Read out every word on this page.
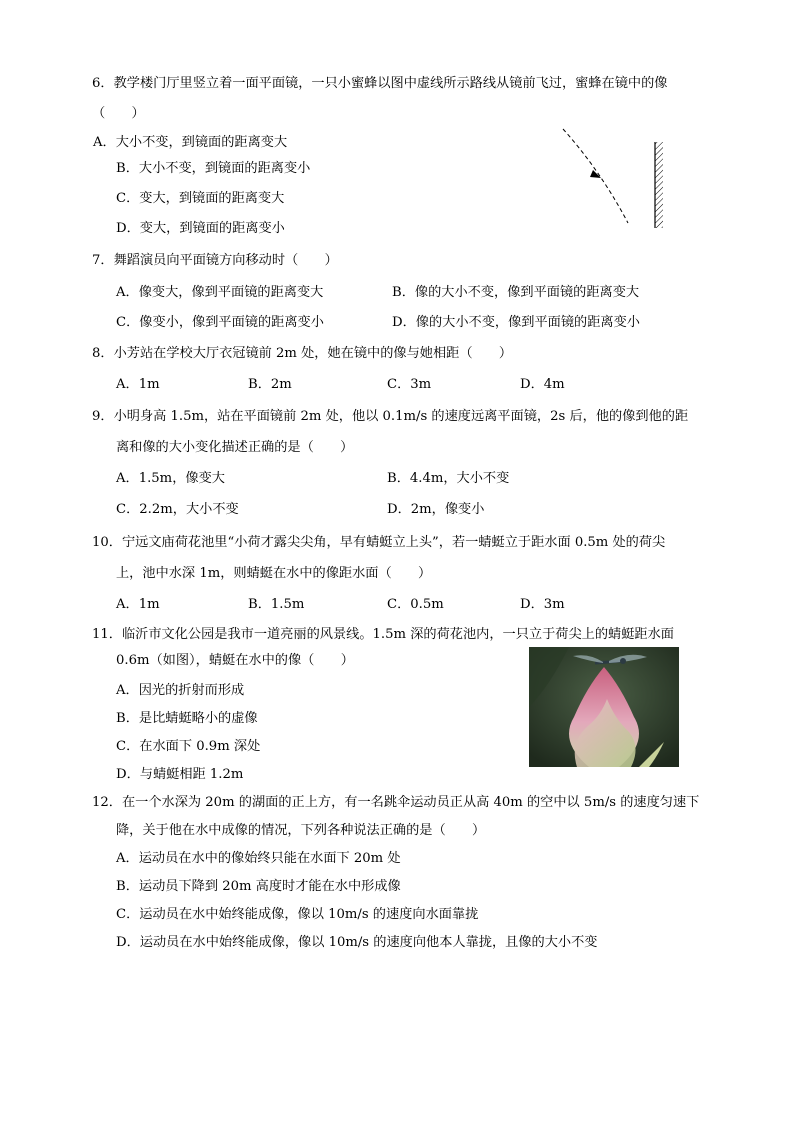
6．教学楼门厅里竖立着一面平面镜，一只小蜜蜂以图中虚线所示路线从镜前飞过，蜜蜂在镜中的像
（　　）
A．大小不变，到镜面的距离变大
B．大小不变，到镜面的距离变小
C．变大，到镜面的距离变大
D．变大，到镜面的距离变小
7．舞蹈演员向平面镜方向移动时（　　）
A．像变大，像到平面镜的距离变大	B．像的大小不变，像到平面镜的距离变大
C．像变小，像到平面镜的距离变小	D．像的大小不变，像到平面镜的距离变小
8．小芳站在学校大厅衣冠镜前 2m 处，她在镜中的像与她相距（　　）
A．1m	B．2m	C．3m	D．4m
9．小明身高 1.5m，站在平面镜前 2m 处，他以 0.1m/s 的速度远离平面镜，2s 后，他的像到他的距
离和像的大小变化描述正确的是（　　）
A．1.5m，像变大	B．4.4m，大小不变
C．2.2m，大小不变	D．2m，像变小
10．宁远文庙荷花池里“小荷才露尖尖角，早有蜻蜓立上头”，若一蜻蜓立于距水面 0.5m 处的荷尖
上，池中水深 1m，则蜻蜓在水中的像距水面（　　）
A．1m	B．1.5m	C．0.5m	D．3m
11．临沂市文化公园是我市一道亮丽的风景线。1.5m 深的荷花池内，一只立于荷尖上的蜻蜓距水面
0.6m（如图），蜻蜓在水中的像（　　）
A．因光的折射而形成
B．是比蜻蜓略小的虚像
C．在水面下 0.9m 深处
D．与蜻蜓相距 1.2m
12．在一个水深为 20m 的湖面的正上方，有一名跳伞运动员正从高 40m 的空中以 5m/s 的速度匀速下
降，关于他在水中成像的情况，下列各种说法正确的是（　　）
A．运动员在水中的像始终只能在水面下 20m 处
B．运动员下降到 20m 高度时才能在水中形成像
C．运动员在水中始终能成像，像以 10m/s 的速度向水面靠拢
D．运动员在水中始终能成像，像以 10m/s 的速度向他本人靠拢，且像的大小不变
